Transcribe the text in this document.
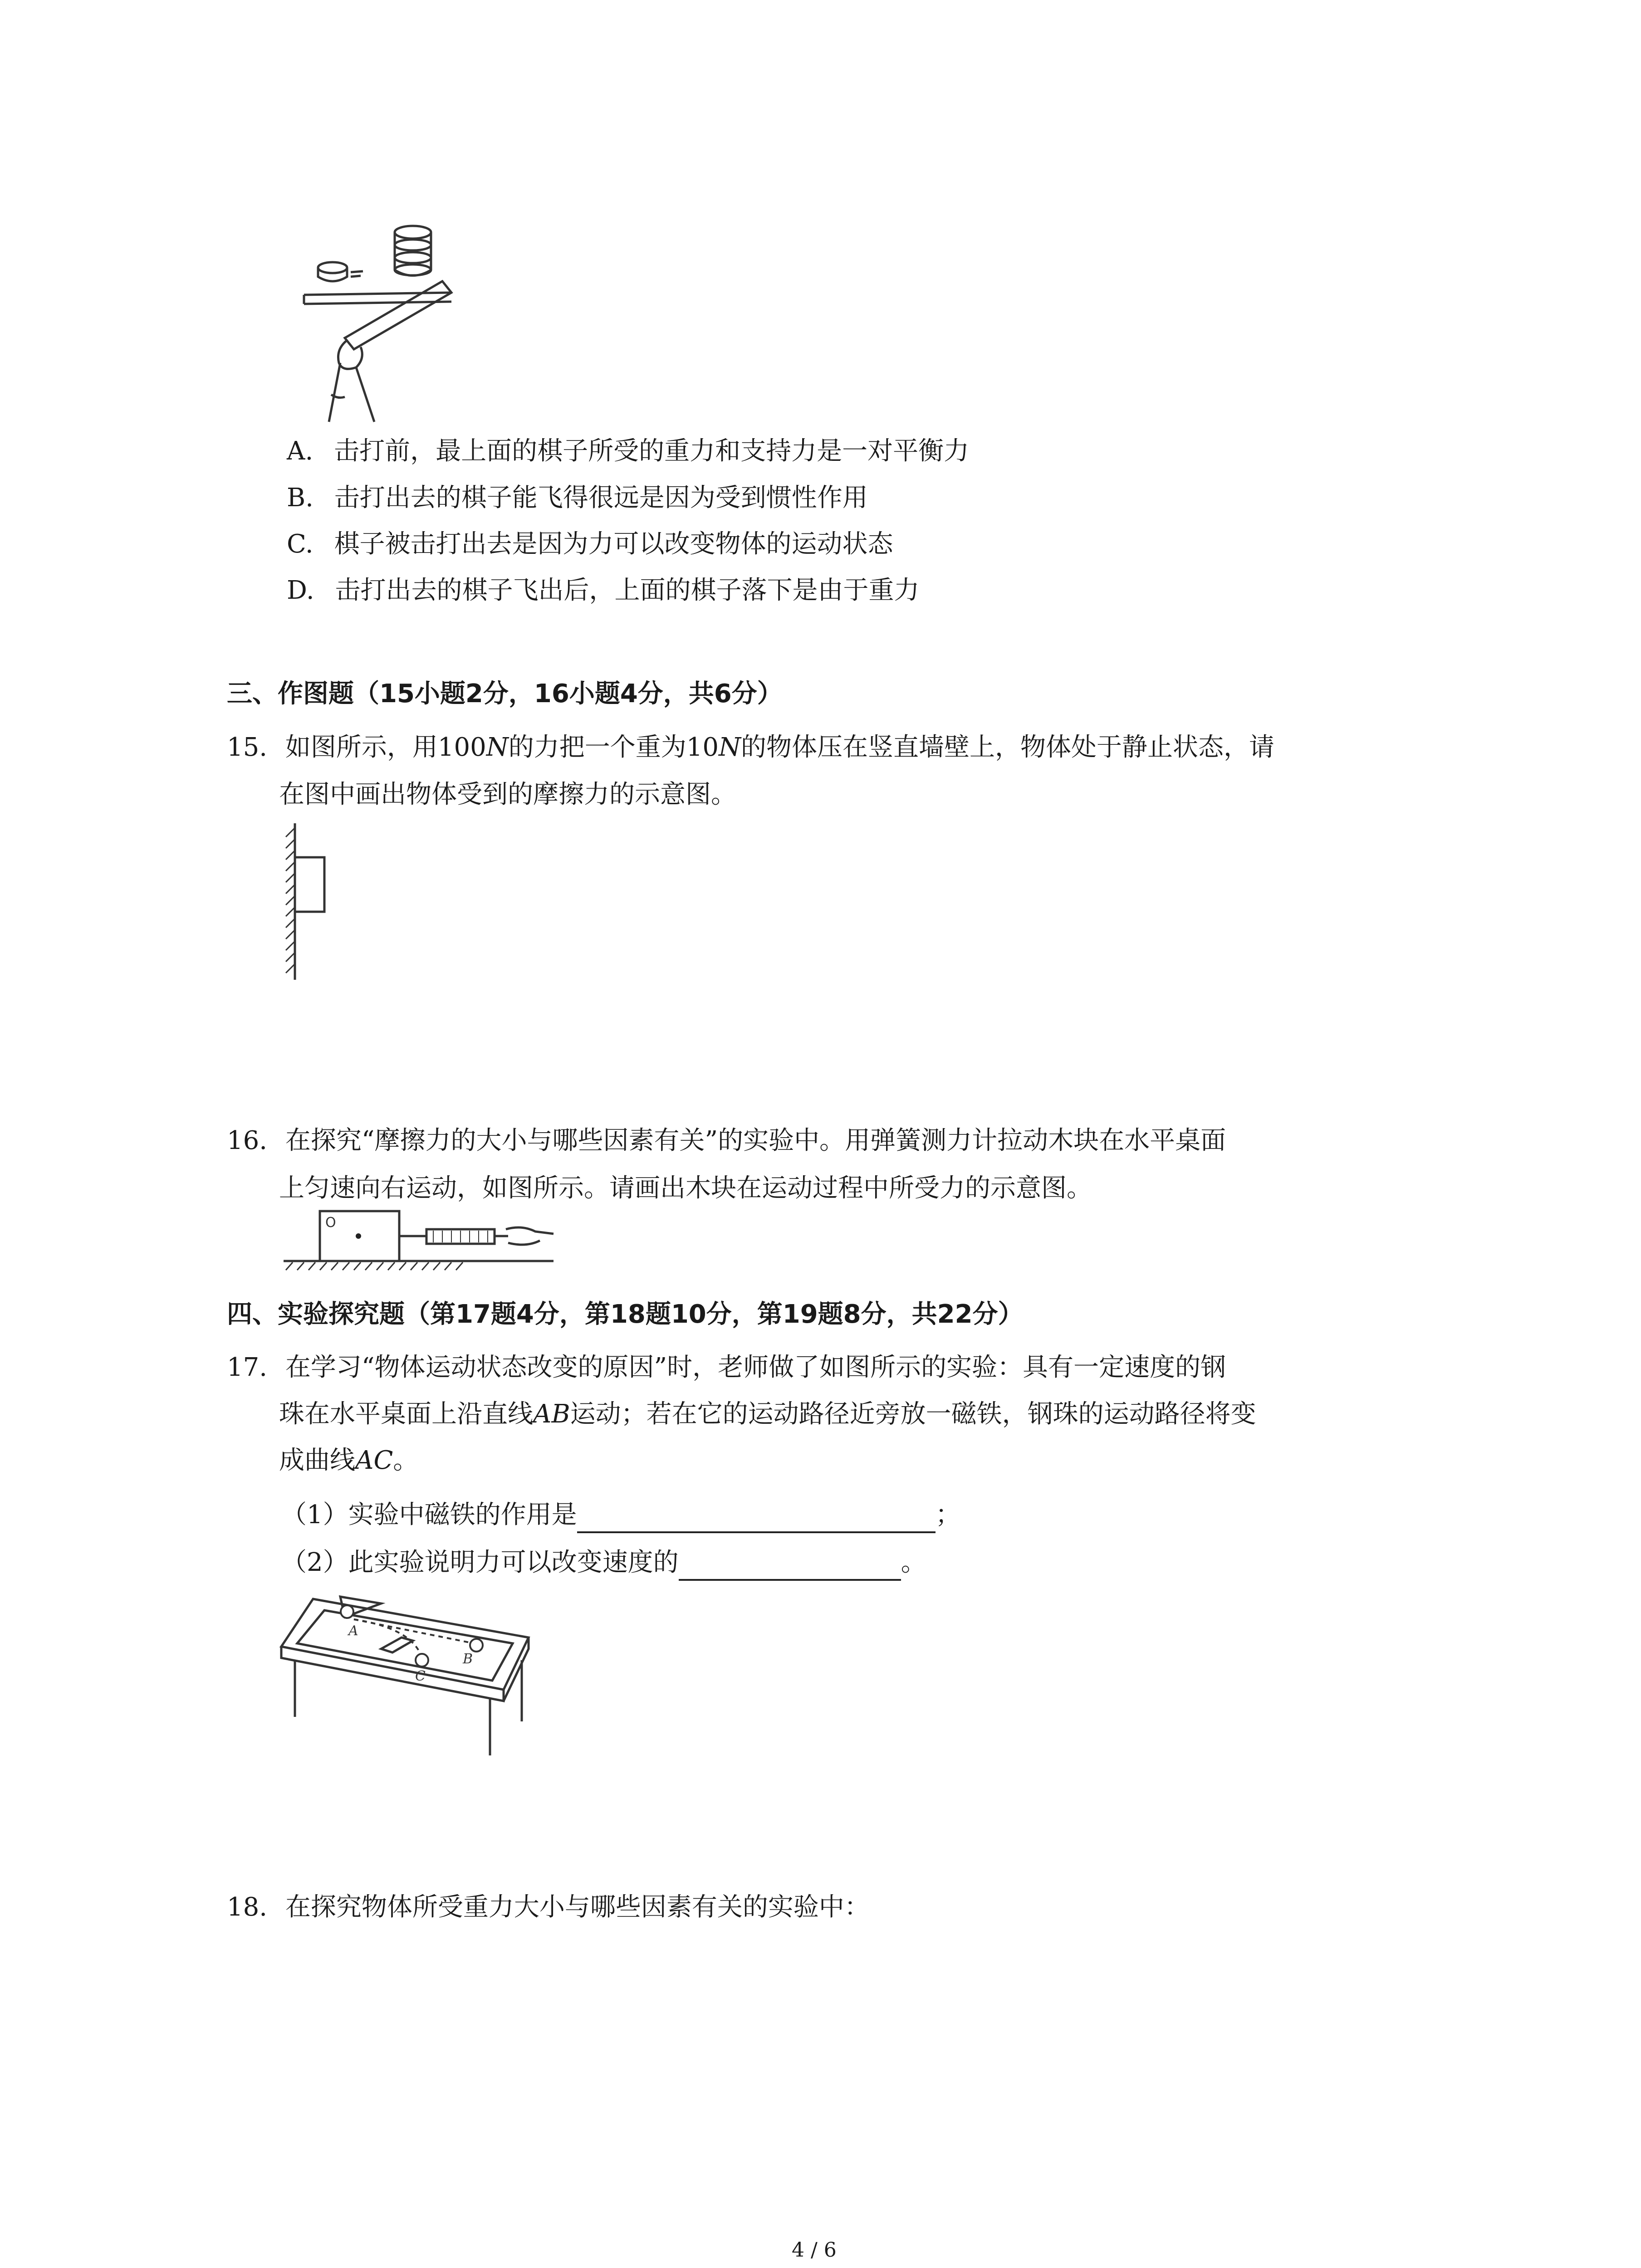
A. 击打前，最上面的棋子所受的重力和支持力是一对平衡力
B. 击打出去的棋子能飞得很远是因为受到惯性作用
C. 棋子被击打出去是因为力可以改变物体的运动状态
D. 击打出去的棋子飞出后，上面的棋子落下是由于重力
三、作图题（15小题2分，16小题4分，共6分）
15. 如图所示，用100N的力把一个重为10N的物体压在竖直墙壁上，物体处于静止状态，请
在图中画出物体受到的摩擦力的示意图。
16. 在探究“摩擦力的大小与哪些因素有关”的实验中。用弹簧测力计拉动木块在水平桌面
上匀速向右运动，如图所示。请画出木块在运动过程中所受力的示意图。
O
四、实验探究题（第17题4分，第18题10分，第19题8分，共22分）
17. 在学习“物体运动状态改变的原因”时，老师做了如图所示的实验：具有一定速度的钢
珠在水平桌面上沿直线AB运动；若在它的运动路径近旁放一磁铁，钢珠的运动路径将变
成曲线AC。
（1）实验中磁铁的作用是	；
（2）此实验说明力可以改变速度的	。
A
B
C
18. 在探究物体所受重力大小与哪些因素有关的实验中：
4 / 6
